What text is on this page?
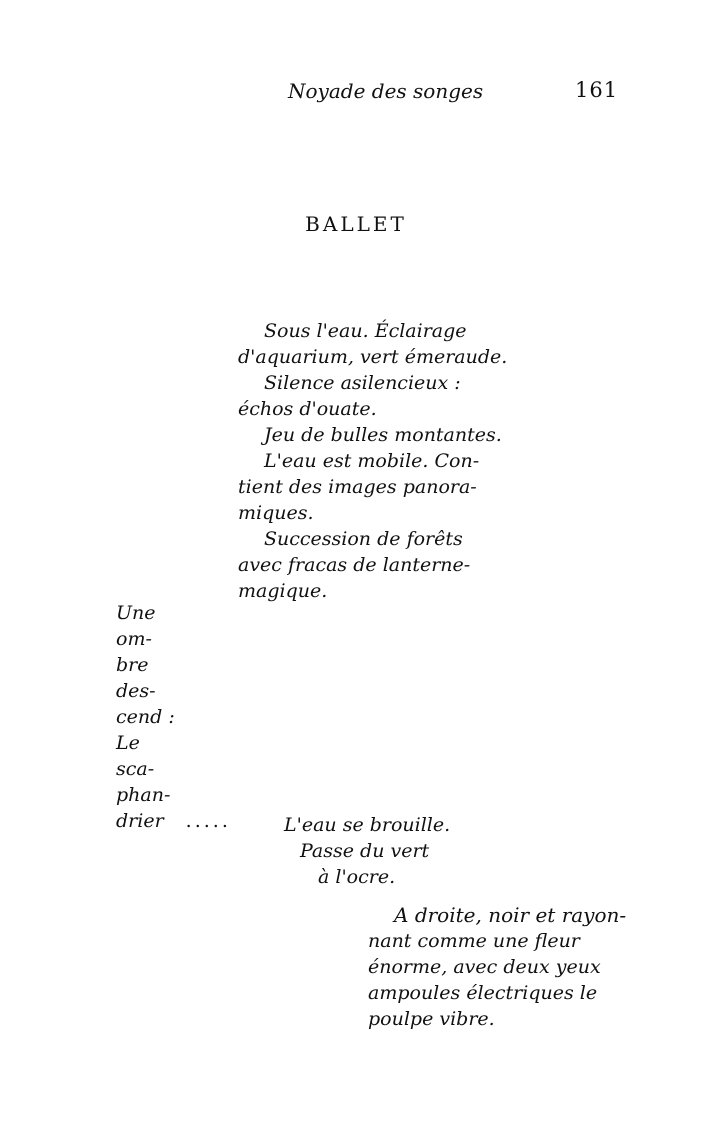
Noyade des songes	161
BALLET
Sous l'eau. Éclairage
d'aquarium, vert émeraude.
Silence asilencieux :
échos d'ouate.
Jeu de bulles montantes.
L'eau est mobile. Con-
tient des images panora-
miques.
Succession de forêts
avec fracas de lanterne-
magique.
Une
om-
bre
des-
cend :
Le
sca-
phan-
drier .....	L'eau se brouille.
Passe du vert
à l'ocre.
A droite, noir et rayon-
nant comme une fleur
énorme, avec deux yeux
ampoules électriques le
poulpe vibre.
